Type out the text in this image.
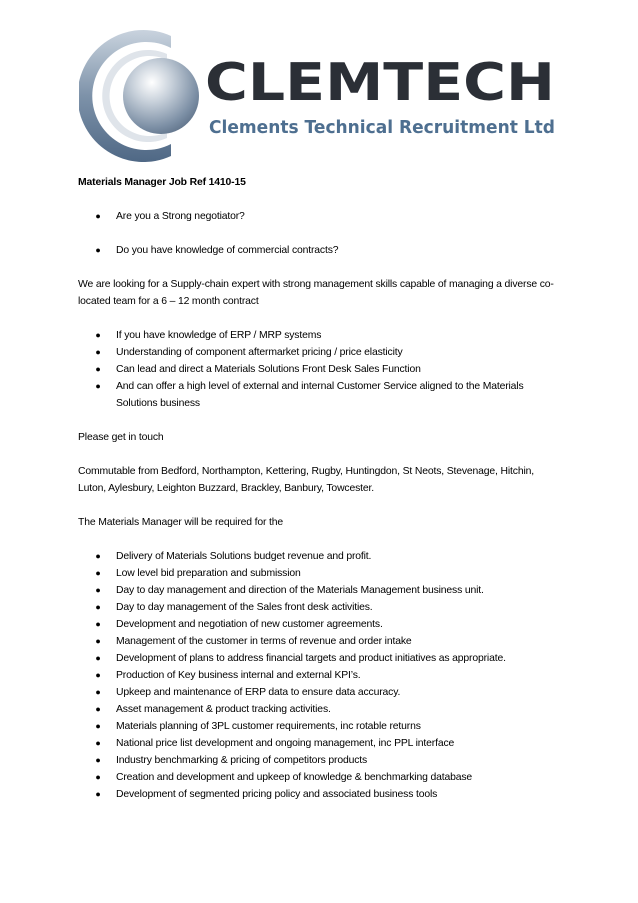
CLEMTECH
Clements Technical Recruitment Ltd

Materials Manager Job Ref 1410-15

● Are you a Strong negotiator?
● Do you have knowledge of commercial contracts?

We are looking for a Supply-chain expert with strong management skills capable of managing a diverse co-located team for a 6 – 12 month contract

● If you have knowledge of ERP / MRP systems
● Understanding of component aftermarket pricing / price elasticity
● Can lead and direct a Materials Solutions Front Desk Sales Function
● And can offer a high level of external and internal Customer Service aligned to the Materials Solutions business

Please get in touch

Commutable from Bedford, Northampton, Kettering, Rugby, Huntingdon, St Neots, Stevenage, Hitchin, Luton, Aylesbury, Leighton Buzzard, Brackley, Banbury, Towcester.

The Materials Manager will be required for the

● Delivery of Materials Solutions budget revenue and profit.
● Low level bid preparation and submission
● Day to day management and direction of the Materials Management business unit.
● Day to day management of the Sales front desk activities.
● Development and negotiation of new customer agreements.
● Management of the customer in terms of revenue and order intake
● Development of plans to address financial targets and product initiatives as appropriate.
● Production of Key business internal and external KPI’s.
● Upkeep and maintenance of ERP data to ensure data accuracy.
● Asset management & product tracking activities.
● Materials planning of 3PL customer requirements, inc rotable returns
● National price list development and ongoing management, inc PPL interface
● Industry benchmarking & pricing of competitors products
● Creation and development and upkeep of knowledge & benchmarking database
● Development of segmented pricing policy and associated business tools
